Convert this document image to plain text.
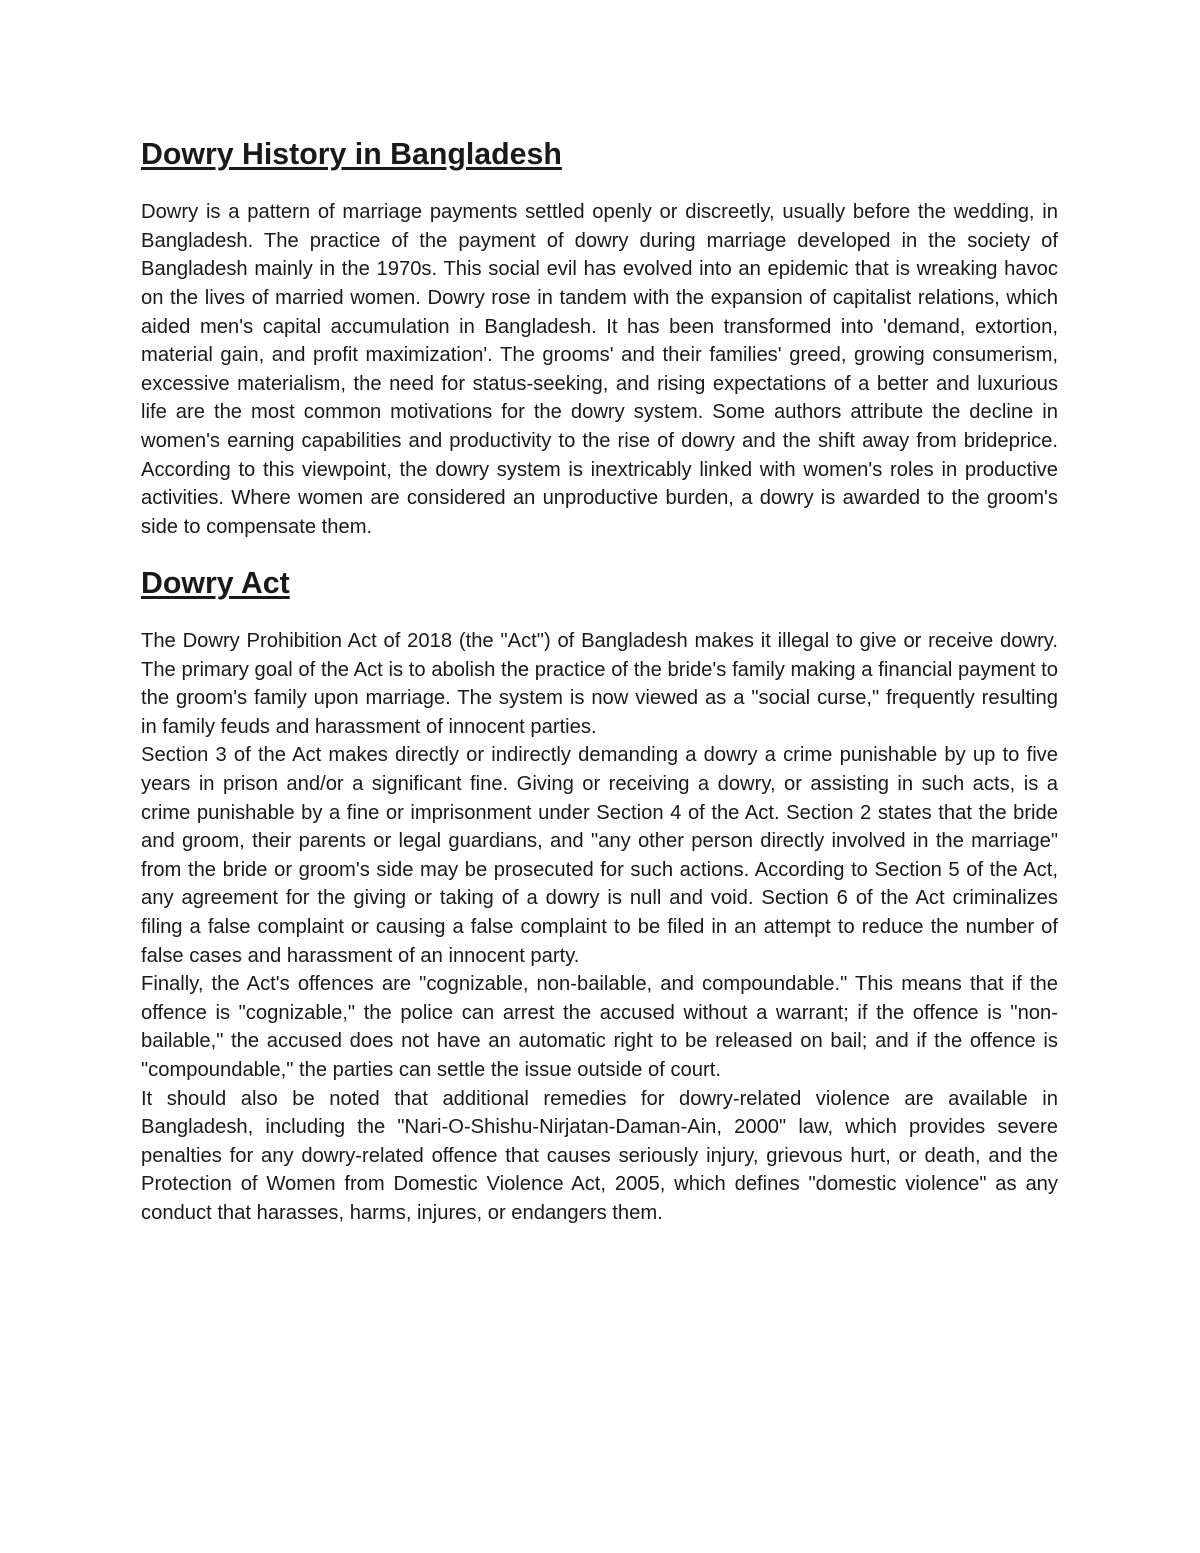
Dowry History in Bangladesh

Dowry is a pattern of marriage payments settled openly or discreetly, usually before the wedding, in Bangladesh. The practice of the payment of dowry during marriage developed in the society of Bangladesh mainly in the 1970s. This social evil has evolved into an epidemic that is wreaking havoc on the lives of married women. Dowry rose in tandem with the expansion of capitalist relations, which aided men's capital accumulation in Bangladesh. It has been transformed into 'demand, extortion, material gain, and profit maximization'. The grooms' and their families' greed, growing consumerism, excessive materialism, the need for status-seeking, and rising expectations of a better and luxurious life are the most common motivations for the dowry system. Some authors attribute the decline in women's earning capabilities and productivity to the rise of dowry and the shift away from brideprice. According to this viewpoint, the dowry system is inextricably linked with women's roles in productive activities. Where women are considered an unproductive burden, a dowry is awarded to the groom's side to compensate them.

Dowry Act

The Dowry Prohibition Act of 2018 (the "Act") of Bangladesh makes it illegal to give or receive dowry. The primary goal of the Act is to abolish the practice of the bride's family making a financial payment to the groom's family upon marriage. The system is now viewed as a "social curse," frequently resulting in family feuds and harassment of innocent parties.

Section 3 of the Act makes directly or indirectly demanding a dowry a crime punishable by up to five years in prison and/or a significant fine. Giving or receiving a dowry, or assisting in such acts, is a crime punishable by a fine or imprisonment under Section 4 of the Act. Section 2 states that the bride and groom, their parents or legal guardians, and "any other person directly involved in the marriage" from the bride or groom's side may be prosecuted for such actions. According to Section 5 of the Act, any agreement for the giving or taking of a dowry is null and void. Section 6 of the Act criminalizes filing a false complaint or causing a false complaint to be filed in an attempt to reduce the number of false cases and harassment of an innocent party.

Finally, the Act's offences are "cognizable, non-bailable, and compoundable." This means that if the offence is "cognizable," the police can arrest the accused without a warrant; if the offence is "non-bailable," the accused does not have an automatic right to be released on bail; and if the offence is "compoundable," the parties can settle the issue outside of court.

It should also be noted that additional remedies for dowry-related violence are available in Bangladesh, including the "Nari-O-Shishu-Nirjatan-Daman-Ain, 2000" law, which provides severe penalties for any dowry-related offence that causes seriously injury, grievous hurt, or death, and the Protection of Women from Domestic Violence Act, 2005, which defines "domestic violence" as any conduct that harasses, harms, injures, or endangers them.
